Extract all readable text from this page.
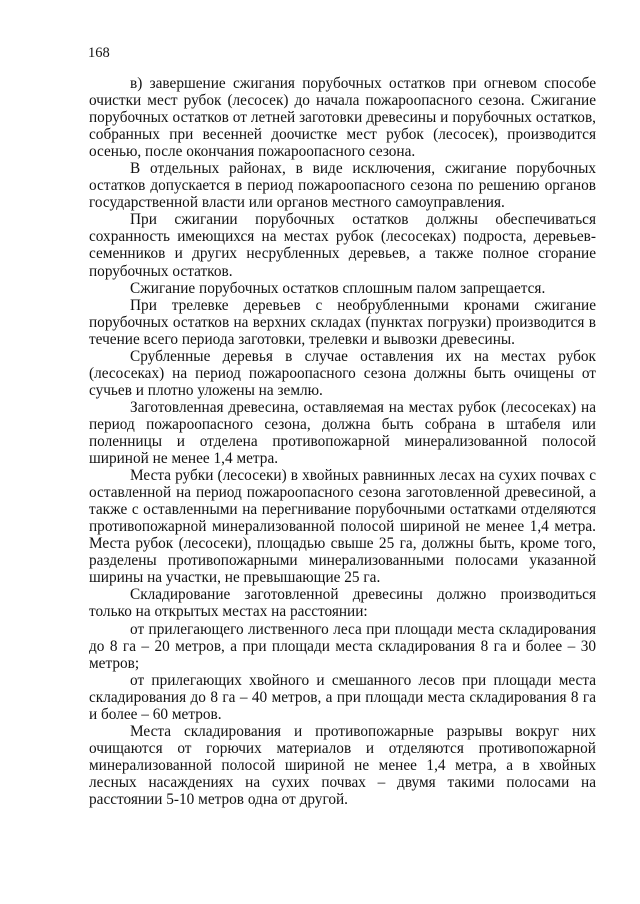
168

в) завершение сжигания порубочных остатков при огневом способе очистки мест рубок (лесосек) до начала пожароопасного сезона. Сжигание порубочных остатков от летней заготовки древесины и порубочных остатков, собранных при весенней доочистке мест рубок (лесосек), производится осенью, после окончания пожароопасного сезона.

В отдельных районах, в виде исключения, сжигание порубочных остатков допускается в период пожароопасного сезона по решению органов государственной власти или органов местного самоуправления.

При сжигании порубочных остатков должны обеспечиваться сохранность имеющихся на местах рубок (лесосеках) подроста, деревьев-семенников и других несрубленных деревьев, а также полное сгорание порубочных остатков.

Сжигание порубочных остатков сплошным палом запрещается.

При трелевке деревьев с необрубленными кронами сжигание порубочных остатков на верхних складах (пунктах погрузки) производится в течение всего периода заготовки, трелевки и вывозки древесины.

Срубленные деревья в случае оставления их на местах рубок (лесосеках) на период пожароопасного сезона должны быть очищены от сучьев и плотно уложены на землю.

Заготовленная древесина, оставляемая на местах рубок (лесосеках) на период пожароопасного сезона, должна быть собрана в штабеля или поленницы и отделена противопожарной минерализованной полосой шириной не менее 1,4 метра.

Места рубки (лесосеки) в хвойных равнинных лесах на сухих почвах с оставленной на период пожароопасного сезона заготовленной древесиной, а также с оставленными на перегнивание порубочными остатками отделяются противопожарной минерализованной полосой шириной не менее 1,4 метра. Места рубок (лесосеки), площадью свыше 25 га, должны быть, кроме того, разделены противопожарными минерализованными полосами указанной ширины на участки, не превышающие 25 га.

Складирование заготовленной древесины должно производиться только на открытых местах на расстоянии:

от прилегающего лиственного леса при площади места складирования до 8 га – 20 метров, а при площади места складирования 8 га и более – 30 метров;

от прилегающих хвойного и смешанного лесов при площади места складирования до 8 га – 40 метров, а при площади места складирования 8 га и более – 60 метров.

Места складирования и противопожарные разрывы вокруг них очищаются от горючих материалов и отделяются противопожарной минерализованной полосой шириной не менее 1,4 метра, а в хвойных лесных насаждениях на сухих почвах – двумя такими полосами на расстоянии 5-10 метров одна от другой.
